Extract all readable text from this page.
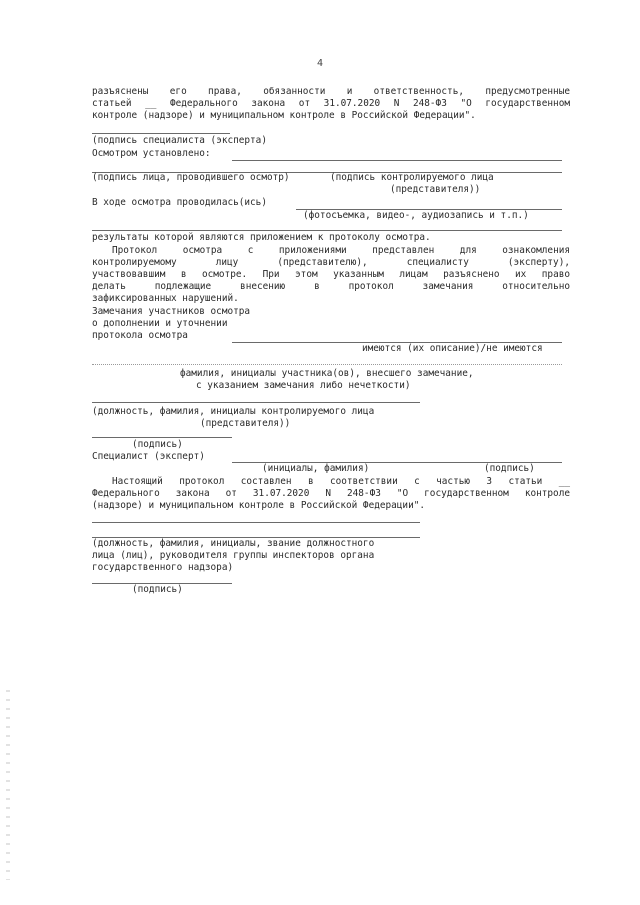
4
разъяснены его права, обязанности и ответственность, предусмотренные
статьей __ Федерального закона от 31.07.2020 N 248-ФЗ "О государственном
контроле (надзоре) и муниципальном контроле в Российской Федерации".
(подпись специалиста (эксперта)
Осмотром установлено:
(подпись лица, проводившего осмотр)	(подпись контролируемого лица
(представителя))
В ходе осмотра проводилась(ись)
(фотосъемка, видео-, аудиозапись и т.п.)
результаты которой являются приложением к протоколу осмотра.
Протокол осмотра с приложениями представлен для ознакомления
контролируемому лицу (представителю), специалисту (эксперту),
участвовавшим в осмотре. При этом указанным лицам разъяснено их право
делать подлежащие внесению в протокол замечания относительно
зафиксированных нарушений.
Замечания участников осмотра
о дополнении и уточнении
протокола осмотра
имеются (их описание)/не имеются
фамилия, инициалы участника(ов), внесшего замечание,
с указанием замечания либо нечеткости)
(должность, фамилия, инициалы контролируемого лица
(представителя))
(подпись)
Специалист (эксперт)
(инициалы, фамилия)	(подпись)
Настоящий протокол составлен в соответствии с частью 3 статьи __
Федерального закона от 31.07.2020 N 248-ФЗ "О государственном контроле
(надзоре) и муниципальном контроле в Российской Федерации".
(должность, фамилия, инициалы, звание должностного
лица (лиц), руководителя группы инспекторов органа
государственного надзора)
(подпись)
